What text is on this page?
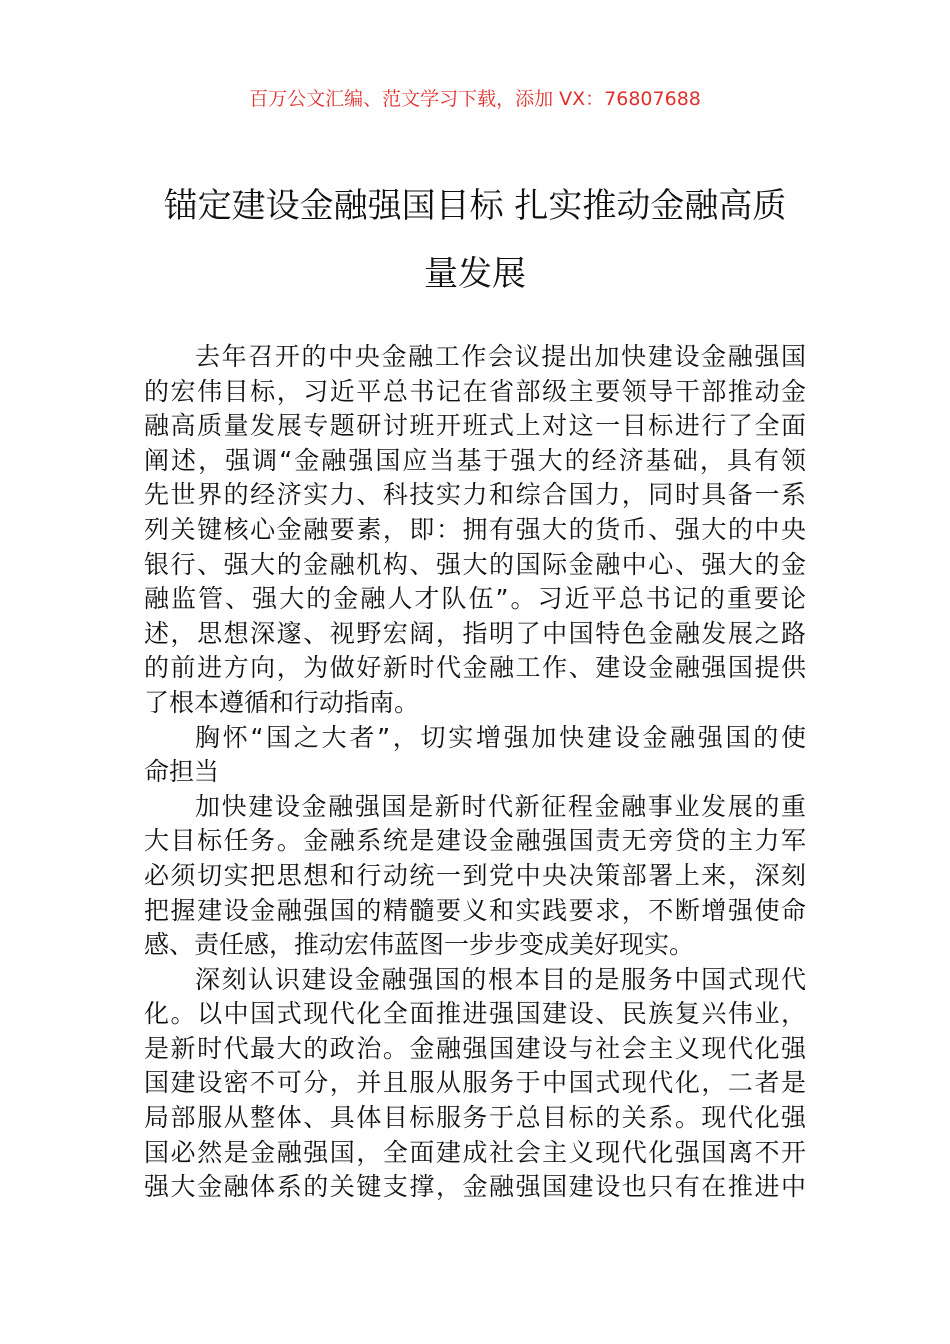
百万公文汇编、范文学习下载，添加 VX：76807688
锚定建设金融强国目标 扎实推动金融高质
量发展
去年召开的中央金融工作会议提出加快建设金融强国
的宏伟目标，习近平总书记在省部级主要领导干部推动金
融高质量发展专题研讨班开班式上对这一目标进行了全面
阐述，强调“金融强国应当基于强大的经济基础，具有领
先世界的经济实力、科技实力和综合国力，同时具备一系
列关键核心金融要素，即：拥有强大的货币、强大的中央
银行、强大的金融机构、强大的国际金融中心、强大的金
融监管、强大的金融人才队伍”。习近平总书记的重要论
述，思想深邃、视野宏阔，指明了中国特色金融发展之路
的前进方向，为做好新时代金融工作、建设金融强国提供
了根本遵循和行动指南。
胸怀“国之大者”，切实增强加快建设金融强国的使
命担当
加快建设金融强国是新时代新征程金融事业发展的重
大目标任务。金融系统是建设金融强国责无旁贷的主力军
必须切实把思想和行动统一到党中央决策部署上来，深刻
把握建设金融强国的精髓要义和实践要求，不断增强使命
感、责任感，推动宏伟蓝图一步步变成美好现实。
深刻认识建设金融强国的根本目的是服务中国式现代
化。以中国式现代化全面推进强国建设、民族复兴伟业，
是新时代最大的政治。金融强国建设与社会主义现代化强
国建设密不可分，并且服从服务于中国式现代化，二者是
局部服从整体、具体目标服务于总目标的关系。现代化强
国必然是金融强国，全面建成社会主义现代化强国离不开
强大金融体系的关键支撑，金融强国建设也只有在推进中
